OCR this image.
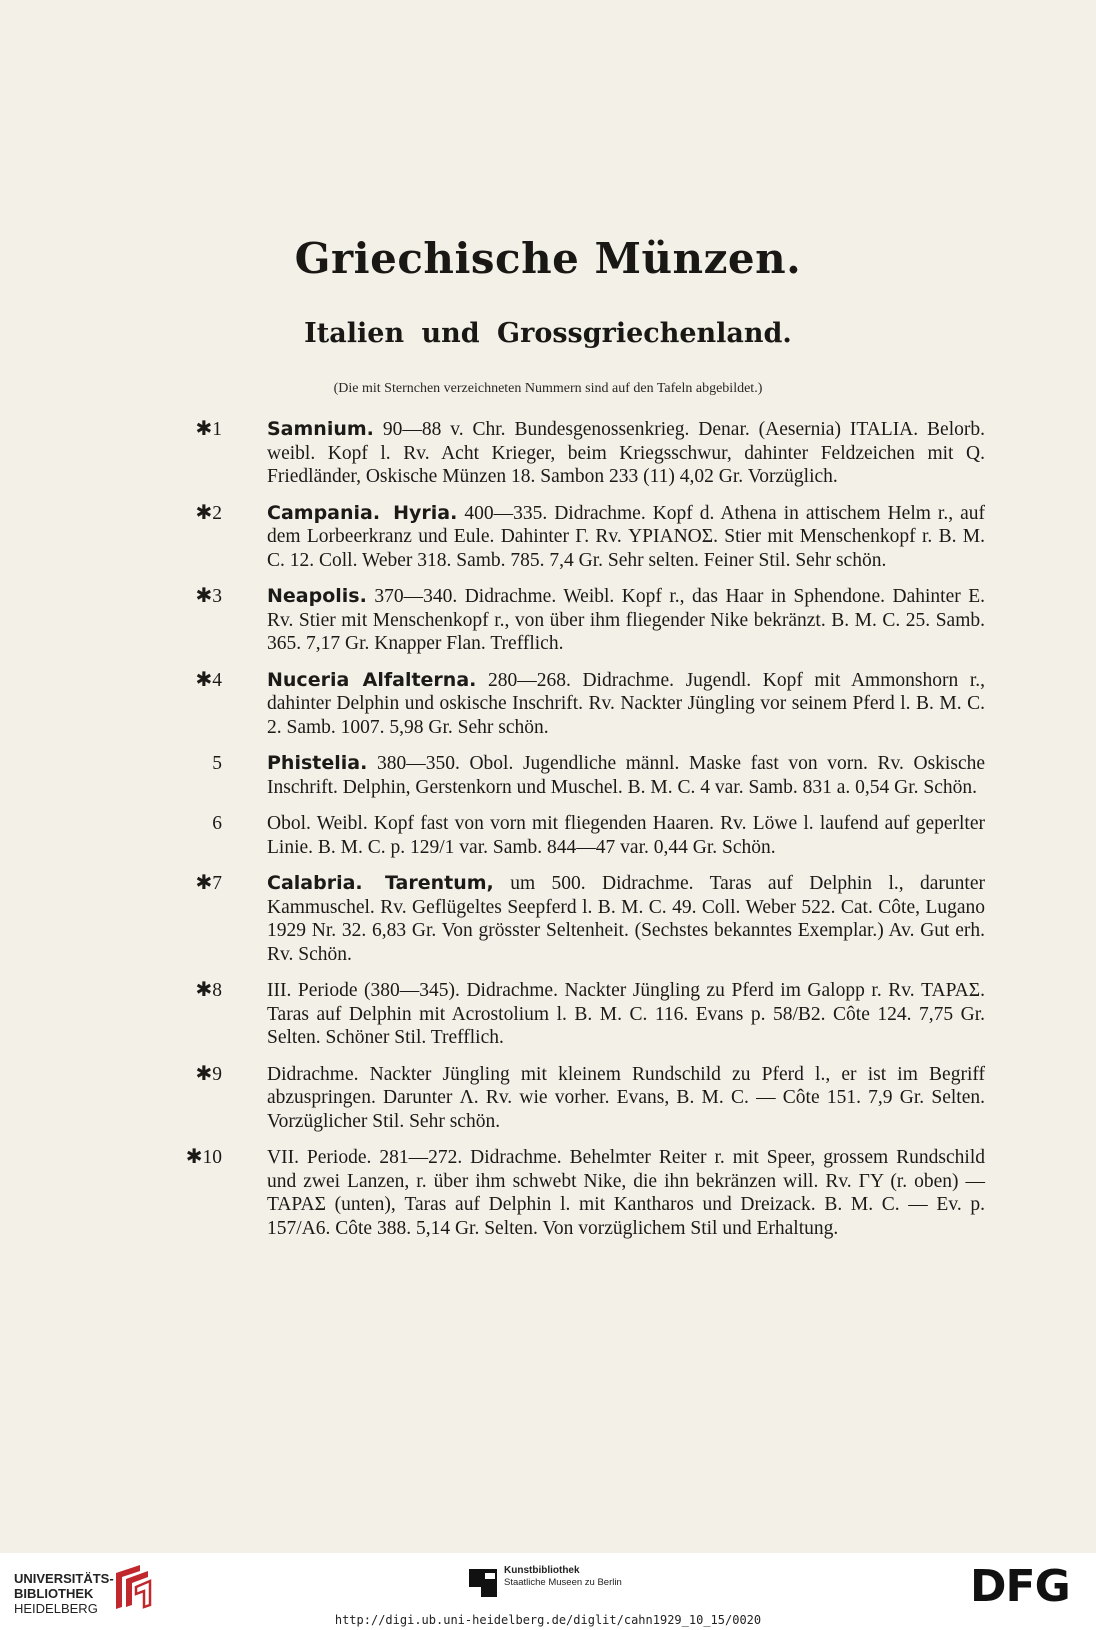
Griechische Münzen.
Italien und Grossgriechenland.
(Die mit Sternchen verzeichneten Nummern sind auf den Tafeln abgebildet.)
✱1 Samnium. 90—88 v. Chr. Bundesgenossenkrieg. Denar. (Aesernia) ITALIA. Belorb. weibl. Kopf l. Rv. Acht Krieger, beim Kriegsschwur, dahinter Feldzeichen mit Q. Friedländer, Oskische Münzen 18. Sambon 233 (11) 4,02 Gr. Vorzüglich.
✱2 Campania. Hyria. 400—335. Didrachme. Kopf d. Athena in attischem Helm r., auf dem Lorbeerkranz und Eule. Dahinter Γ. Rv. ΥΡΙΑΝΟΣ. Stier mit Menschenkopf r. B. M. C. 12. Coll. Weber 318. Samb. 785. 7,4 Gr. Sehr selten. Feiner Stil. Sehr schön.
✱3 Neapolis. 370—340. Didrachme. Weibl. Kopf r., das Haar in Sphendone. Dahinter E. Rv. Stier mit Menschenkopf r., von über ihm fliegender Nike bekränzt. B. M. C. 25. Samb. 365. 7,17 Gr. Knapper Flan. Trefflich.
✱4 Nuceria Alfalterna. 280—268. Didrachme. Jugendl. Kopf mit Ammonshorn r., dahinter Delphin und oskische Inschrift. Rv. Nackter Jüngling vor seinem Pferd l. B. M. C. 2. Samb. 1007. 5,98 Gr. Sehr schön.
5 Phistelia. 380—350. Obol. Jugendliche männl. Maske fast von vorn. Rv. Oskische Inschrift. Delphin, Gerstenkorn und Muschel. B. M. C. 4 var. Samb. 831 a. 0,54 Gr. Schön.
6 Obol. Weibl. Kopf fast von vorn mit fliegenden Haaren. Rv. Löwe l. laufend auf geperlter Linie. B. M. C. p. 129/1 var. Samb. 844—47 var. 0,44 Gr. Schön.
✱7 Calabria. Tarentum, um 500. Didrachme. Taras auf Delphin l., darunter Kammuschel. Rv. Geflügeltes Seepferd l. B. M. C. 49. Coll. Weber 522. Cat. Côte, Lugano 1929 Nr. 32. 6,83 Gr. Von grösster Seltenheit. (Sechstes bekanntes Exemplar.) Av. Gut erh. Rv. Schön.
✱8 III. Periode (380—345). Didrachme. Nackter Jüngling zu Pferd im Galopp r. Rv. ΤΑΡΑΣ. Taras auf Delphin mit Acrostolium l. B. M. C. 116. Evans p. 58/B2. Côte 124. 7,75 Gr. Selten. Schöner Stil. Trefflich.
✱9 Didrachme. Nackter Jüngling mit kleinem Rundschild zu Pferd l., er ist im Begriff abzuspringen. Darunter Λ. Rv. wie vorher. Evans, B. M. C. — Côte 151. 7,9 Gr. Selten. Vorzüglicher Stil. Sehr schön.
✱10 VII. Periode. 281—272. Didrachme. Behelmter Reiter r. mit Speer, grossem Rundschild und zwei Lanzen, r. über ihm schwebt Nike, die ihn bekränzen will. Rv. ΓΥ (r. oben) — ΤΑΡΑΣ (unten), Taras auf Delphin l. mit Kantharos und Dreizack. B. M. C. — Ev. p. 157/A6. Côte 388. 5,14 Gr. Selten. Von vorzüglichem Stil und Erhaltung.
UNIVERSITÄTS-
BIBLIOTHEK
HEIDELBERG
Kunstbibliothek
Staatliche Museen zu Berlin	DFG
http://digi.ub.uni-heidelberg.de/diglit/cahn1929_10_15/0020
